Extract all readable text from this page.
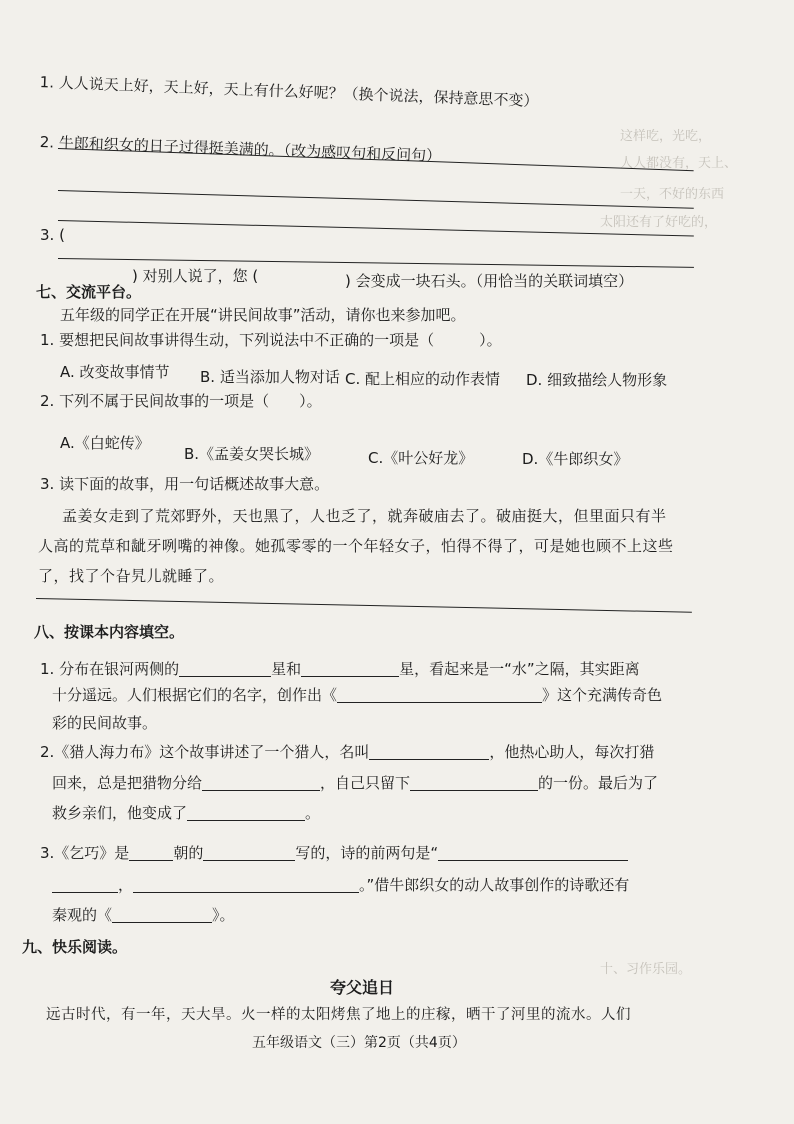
这样吃，光吃，
人人都没有，天上、
一天，不好的东西
太阳还有了好吃的，
十、习作乐园。
1. 人人说天上好，天上好，天上有什么好呢？（换个说法，保持意思不变）
2. 牛郎和织女的日子过得挺美满的。（改为感叹句和反问句）
3. (
) 对别人说了，您 (	) 会变成一块石头。（用恰当的关联词填空）
七、交流平台。
五年级的同学正在开展“讲民间故事”活动，请你也来参加吧。
1. 要想把民间故事讲得生动，下列说法中不正确的一项是（　　　）。
A. 改变故事情节 B. 适当添加人物对话 C. 配上相应的动作表情 D. 细致描绘人物形象
2. 下列不属于民间故事的一项是（　　）。
A.《白蛇传》
B.《孟姜女哭长城》	C.《叶公好龙》	D.《牛郎织女》
3. 读下面的故事，用一句话概述故事大意。
孟姜女走到了荒郊野外，天也黑了，人也乏了，就奔破庙去了。破庙挺大，但里面只有半
人高的荒草和龇牙咧嘴的神像。她孤零零的一个年轻女子，怕得不得了，可是她也顾不上这些
了，找了个旮旯儿就睡了。
八、按课本内容填空。
1. 分布在银河两侧的	星和	星，看起来是一“水”之隔，其实距离
十分遥远。人们根据它们的名字，创作出《	》这个充满传奇色
彩的民间故事。
2.《猎人海力布》这个故事讲述了一个猎人，名叫	，他热心助人，每次打猎
回来，总是把猎物分给	，自己只留下	的一份。最后为了
救乡亲们，他变成了	。
3.《乞巧》是	朝的	写的，诗的前两句是“
，	。”借牛郎织女的动人故事创作的诗歌还有
秦观的《	》。
九、快乐阅读。
夸父追日
远古时代，有一年，天大旱。火一样的太阳烤焦了地上的庄稼，晒干了河里的流水。人们
五年级语文（三）第2页（共4页）
